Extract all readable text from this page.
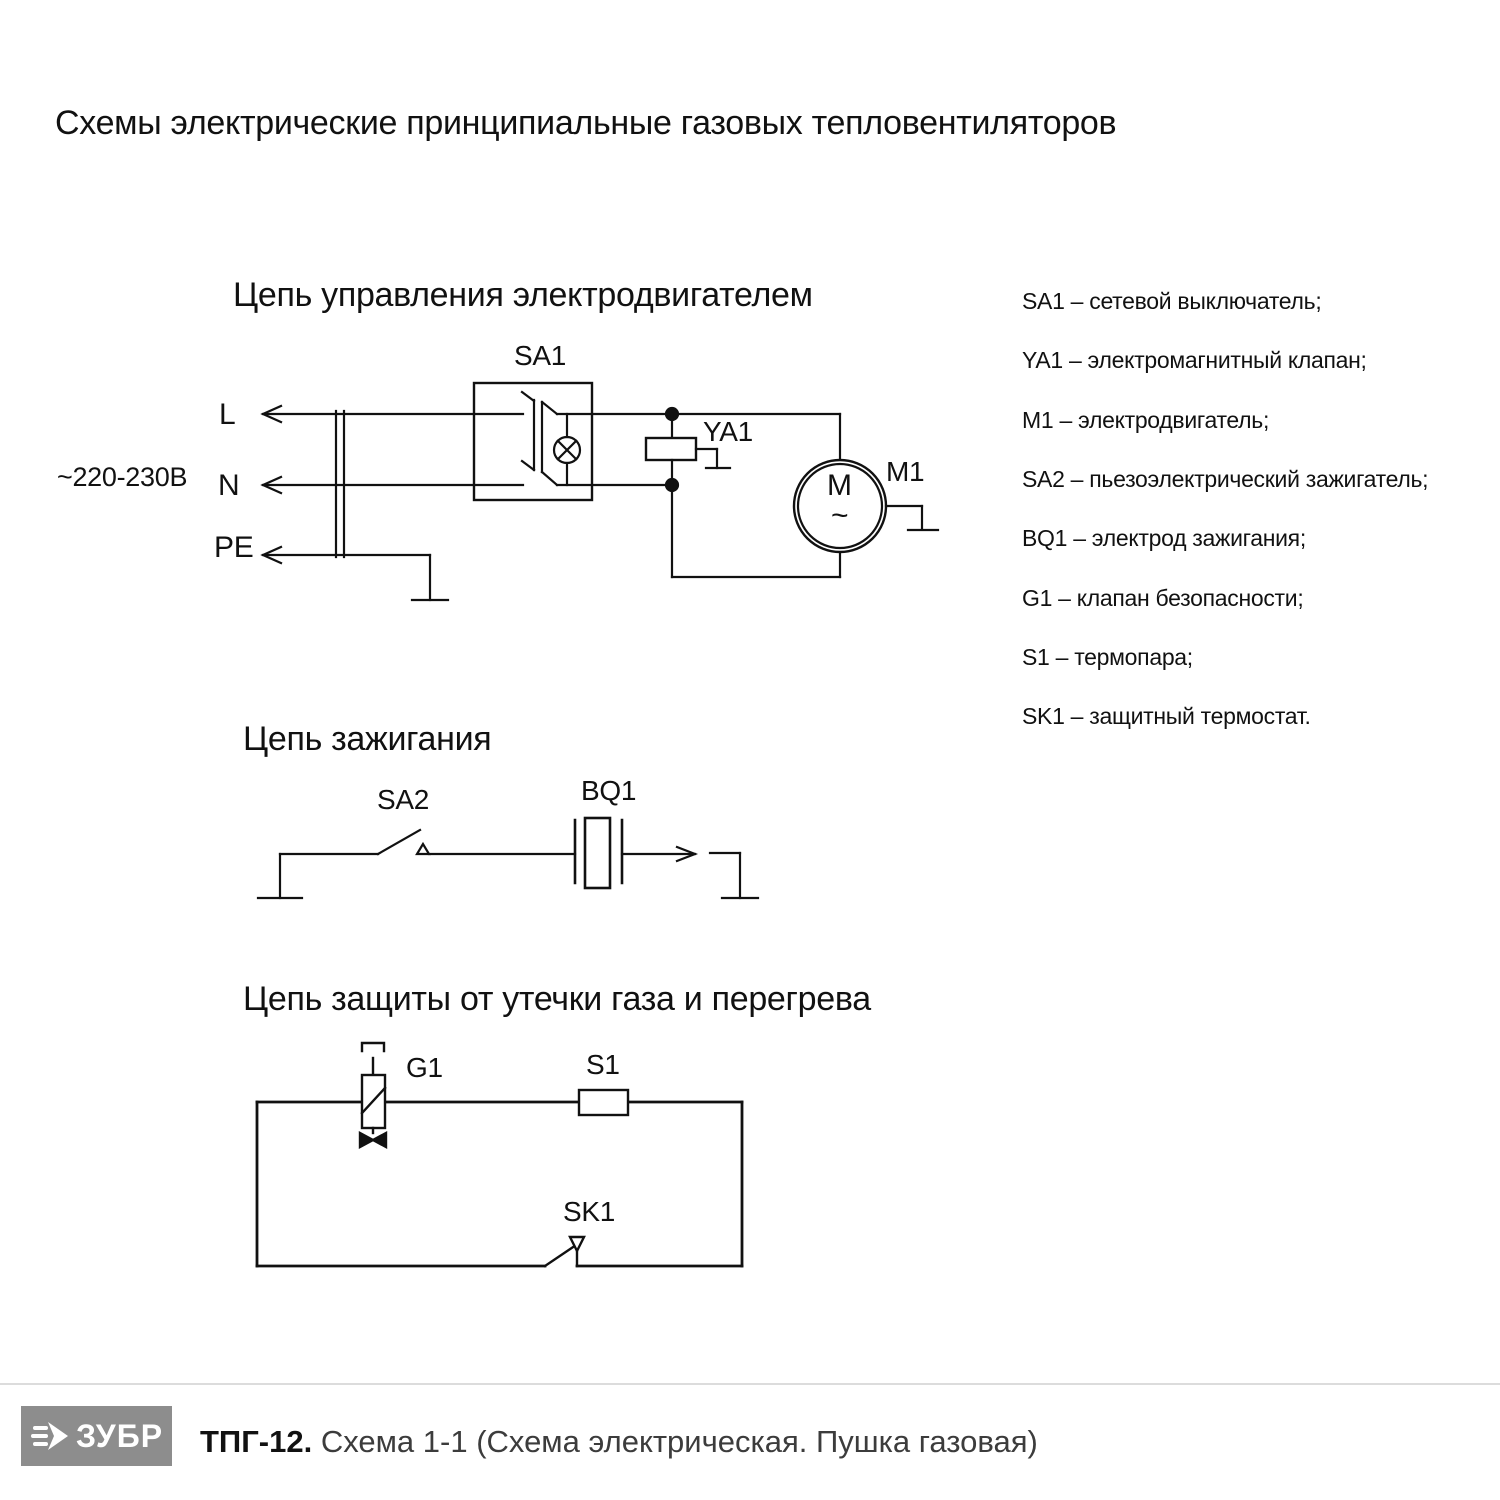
Схемы электрические принципиальные газовых тепловентиляторов
Цепь управления электродвигателем
~220-230В
L
N
PE
SA1
YA1
M1
M
~
Цепь зажигания
SA2	BQ1
Цепь защиты от утечки газа и перегрева
G1	S1
SK1
SA1 – сетевой выключатель;
YA1 – электромагнитный клапан;
M1 – электродвигатель;
SA2 – пьезоэлектрический зажигатель;
BQ1 – электрод зажигания;
G1 – клапан безопасности;
S1 – термопара;
SK1 – защитный термостат.
ЗУБР ТПГ-12. Схема 1-1 (Схема электрическая. Пушка газовая)
